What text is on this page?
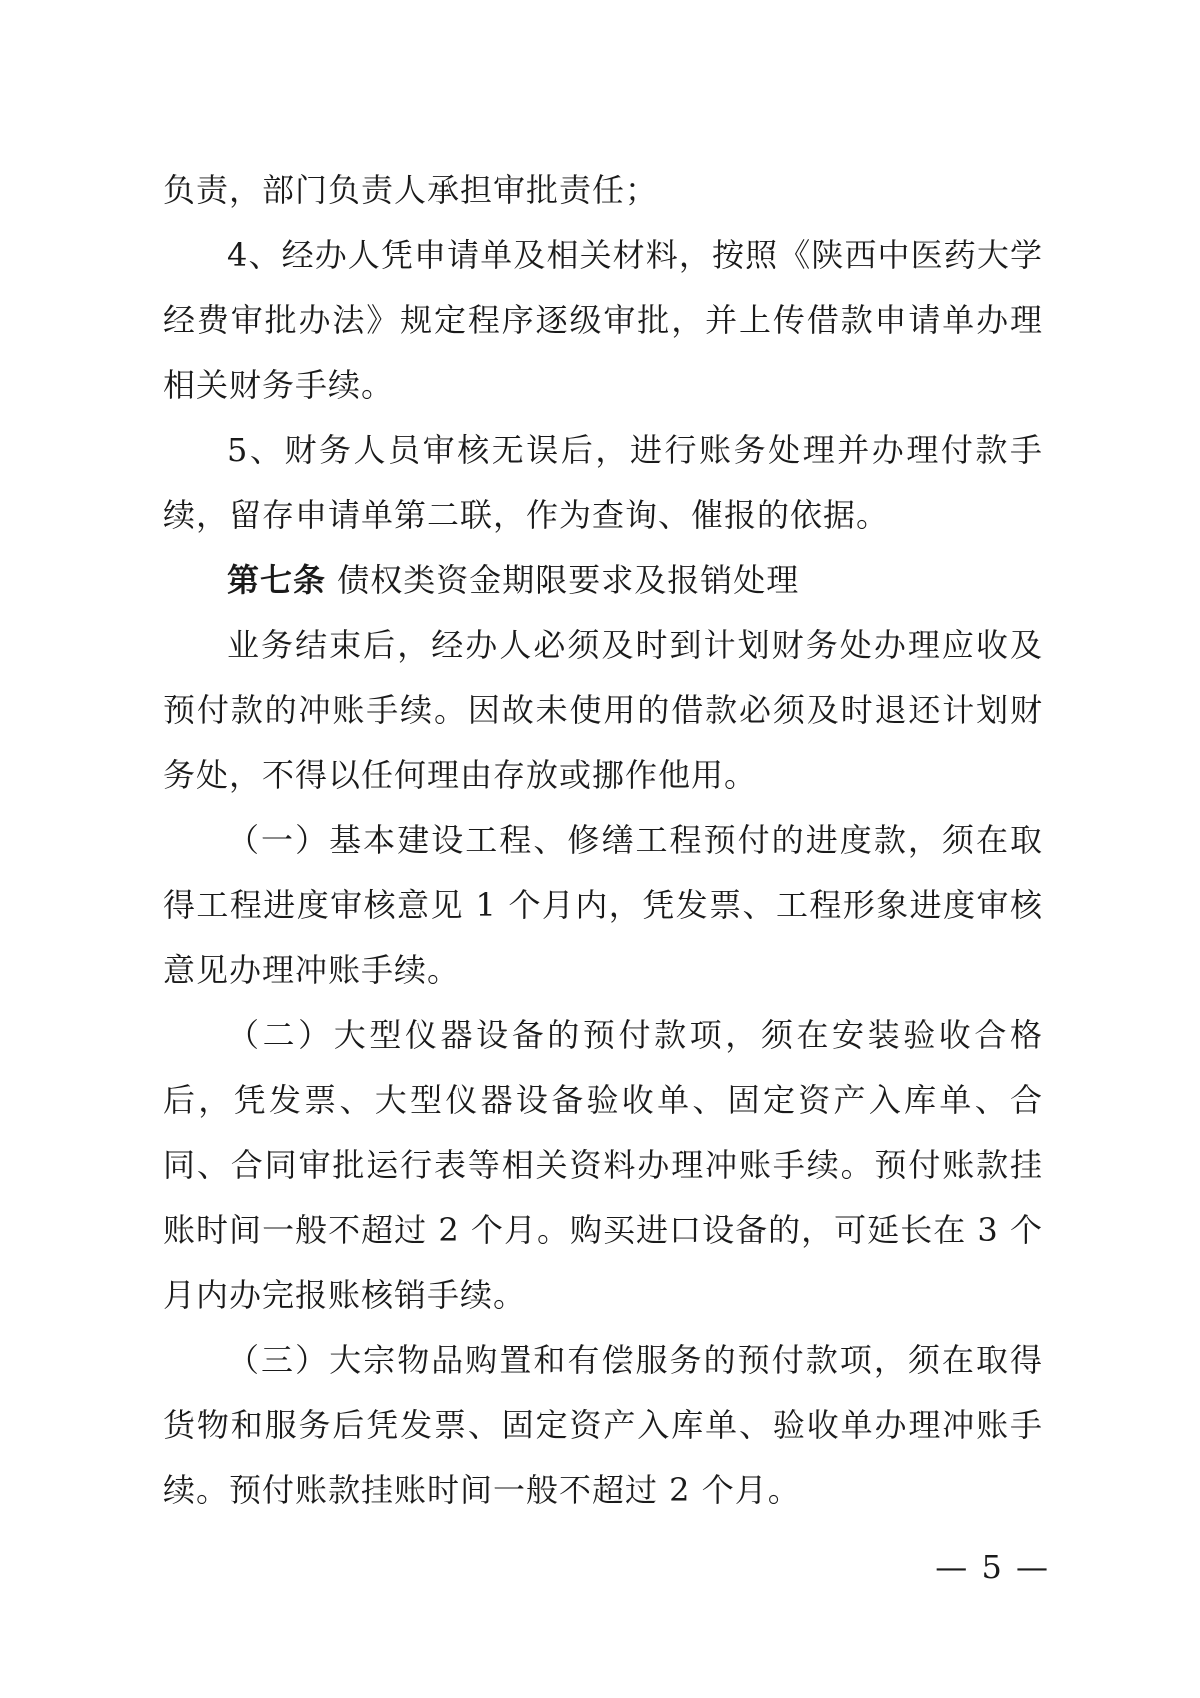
负责，部门负责人承担审批责任；

4、经办人凭申请单及相关材料，按照《陕西中医药大学经费审批办法》规定程序逐级审批，并上传借款申请单办理相关财务手续。

5、财务人员审核无误后，进行账务处理并办理付款手续，留存申请单第二联，作为查询、催报的依据。

第七条 债权类资金期限要求及报销处理

业务结束后，经办人必须及时到计划财务处办理应收及预付款的冲账手续。因故未使用的借款必须及时退还计划财务处，不得以任何理由存放或挪作他用。

（一）基本建设工程、修缮工程预付的进度款，须在取得工程进度审核意见 1 个月内，凭发票、工程形象进度审核意见办理冲账手续。

（二）大型仪器设备的预付款项，须在安装验收合格后，凭发票、大型仪器设备验收单、固定资产入库单、合同、合同审批运行表等相关资料办理冲账手续。预付账款挂账时间一般不超过 2 个月。购买进口设备的，可延长在 3 个月内办完报账核销手续。

（三）大宗物品购置和有偿服务的预付款项，须在取得货物和服务后凭发票、固定资产入库单、验收单办理冲账手续。预付账款挂账时间一般不超过 2 个月。

— 5 —
